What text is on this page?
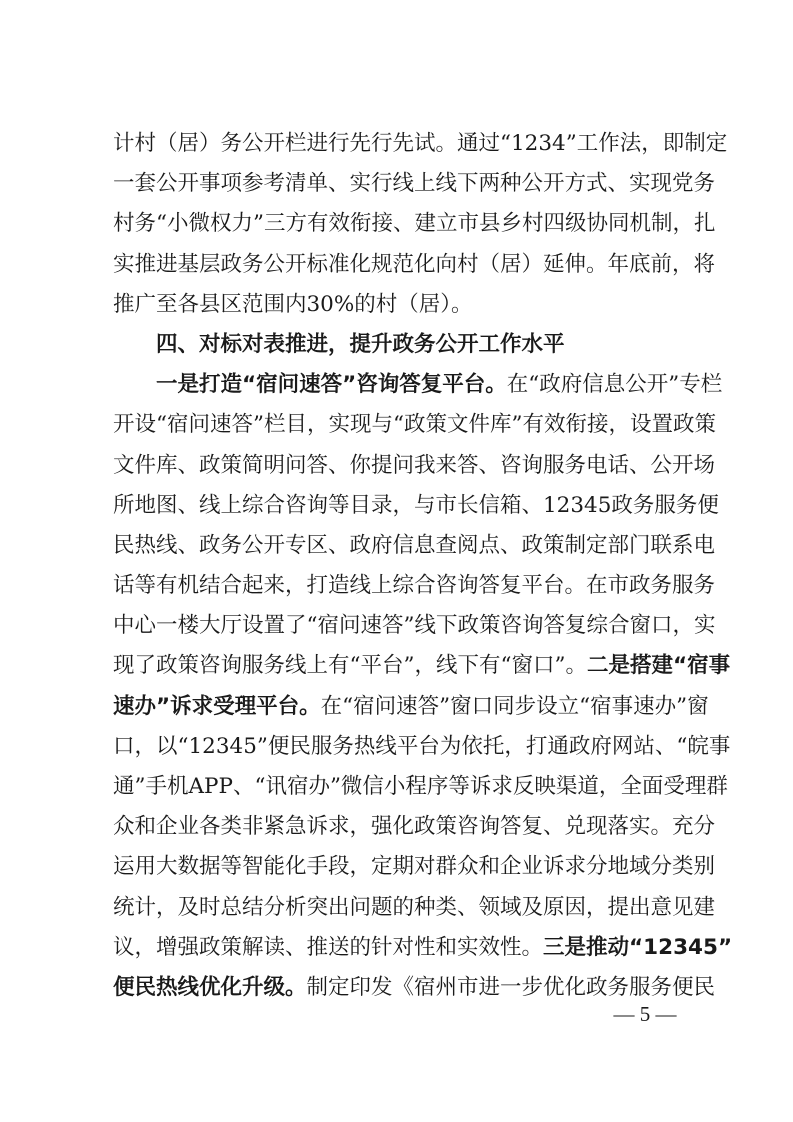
计村（居）务公开栏进行先行先试。通过“1234”工作法，即制定
一套公开事项参考清单、实行线上线下两种公开方式、实现党务
村务“小微权力”三方有效衔接、建立市县乡村四级协同机制，扎
实推进基层政务公开标准化规范化向村（居）延伸。年底前，将
推广至各县区范围内30%的村（居）。
四、对标对表推进，提升政务公开工作水平
一是打造“宿问速答”咨询答复平台。在“政府信息公开”专栏
开设“宿问速答”栏目，实现与“政策文件库”有效衔接，设置政策
文件库、政策简明问答、你提问我来答、咨询服务电话、公开场
所地图、线上综合咨询等目录，与市长信箱、12345政务服务便
民热线、政务公开专区、政府信息查阅点、政策制定部门联系电
话等有机结合起来，打造线上综合咨询答复平台。在市政务服务
中心一楼大厅设置了“宿问速答”线下政策咨询答复综合窗口，实
现了政策咨询服务线上有“平台”，线下有“窗口”。二是搭建“宿事
速办”诉求受理平台。在“宿问速答”窗口同步设立“宿事速办”窗
口，以“12345”便民服务热线平台为依托，打通政府网站、“皖事
通”手机APP、“讯宿办”微信小程序等诉求反映渠道，全面受理群
众和企业各类非紧急诉求，强化政策咨询答复、兑现落实。充分
运用大数据等智能化手段，定期对群众和企业诉求分地域分类别
统计，及时总结分析突出问题的种类、领域及原因，提出意见建
议，增强政策解读、推送的针对性和实效性。三是推动“12345”
便民热线优化升级。制定印发《宿州市进一步优化政务服务便民
— 5 —
